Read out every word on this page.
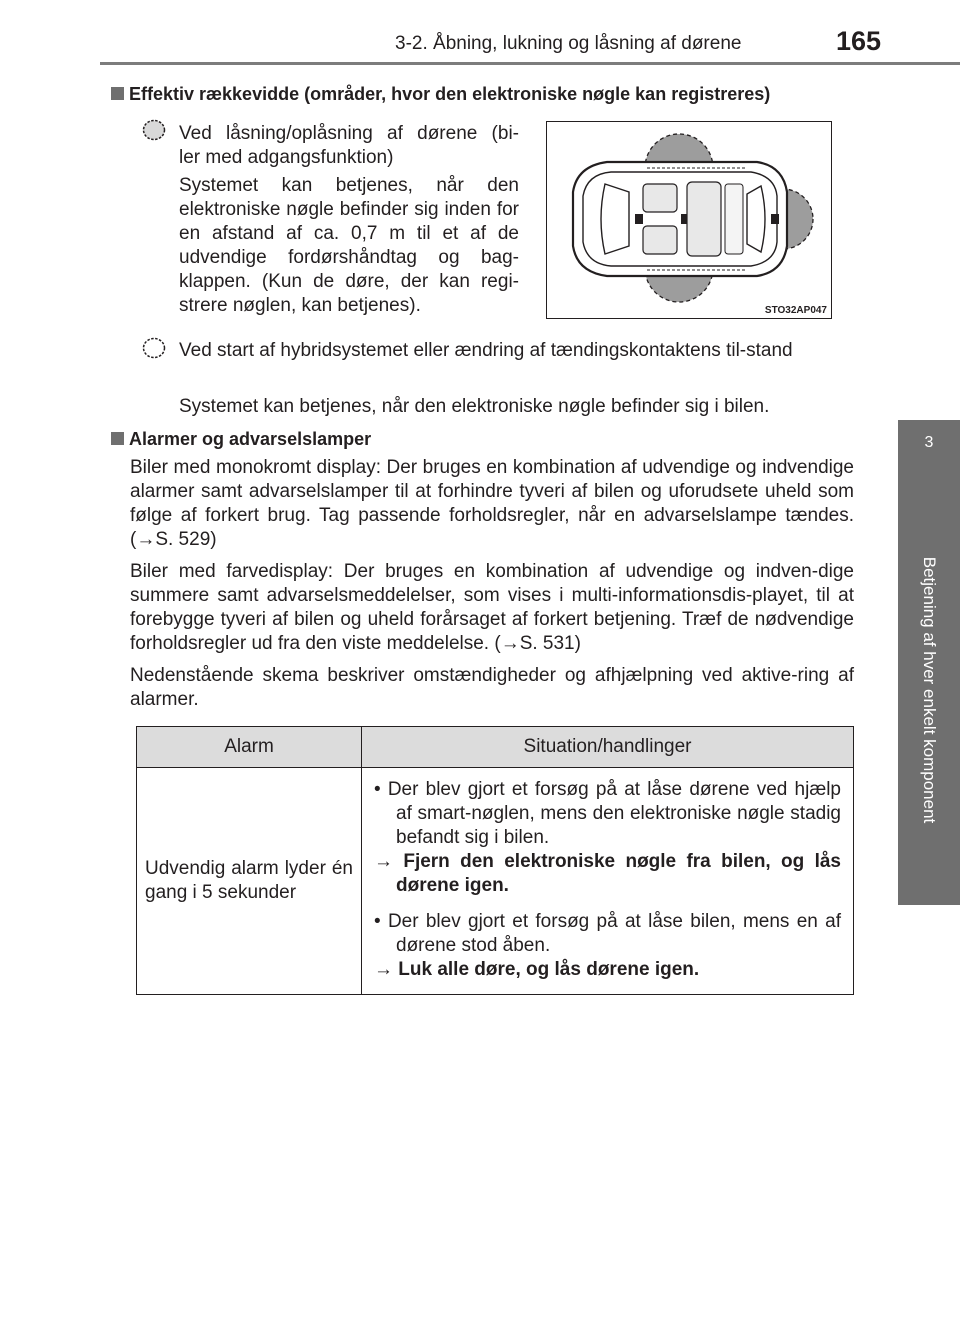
3-2. Åbning, lukning og låsning af dørene	165
3
Betjening af hver enkelt komponent
Effektiv rækkevidde (områder, hvor den elektroniske nøgle kan registreres)
Ved låsning/oplåsning af dørene (bi-
ler med adgangsfunktion)
Systemet kan betjenes, når den elektroniske nøgle befinder sig inden for en afstand af ca. 0,7 m til et af de udvendige fordørshåndtag og bag-klappen. (Kun de døre, der kan regi-strere nøglen, kan betjenes).	STO32AP047
Ved start af hybridsystemet eller ændring af tændingskontaktens til-stand
Systemet kan betjenes, når den elektroniske nøgle befinder sig i bilen.
Alarmer og advarselslamper
Biler med monokromt display: Der bruges en kombination af udvendige og indvendige alarmer samt advarselslamper til at forhindre tyveri af bilen og uforudsete uheld som følge af forkert brug. Tag passende forholdsregler, når en advarselslampe tændes. (→S. 529)
Biler med farvedisplay: Der bruges en kombination af udvendige og indven-dige summere samt advarselsmeddelelser, som vises i multi-informationsdis-playet, til at forebygge tyveri af bilen og uheld forårsaget af forkert betjening. Træf de nødvendige forholdsregler ud fra den viste meddelelse. (→S. 531)
Nedenstående skema beskriver omstændigheder og afhjælpning ved aktive-ring af alarmer.
Alarm	Situation/handlinger
Udvendig alarm lyder én gang i 5 sekunder	• Der blev gjort et forsøg på at låse dørene ved hjælp af smart-nøglen, mens den elektroniske nøgle stadig befandt sig i bilen.

→ Fjern den elektroniske nøgle fra bilen, og lås dørene igen.

• Der blev gjort et forsøg på at låse bilen, mens en af dørene stod åben.

→ Luk alle døre, og lås dørene igen.
